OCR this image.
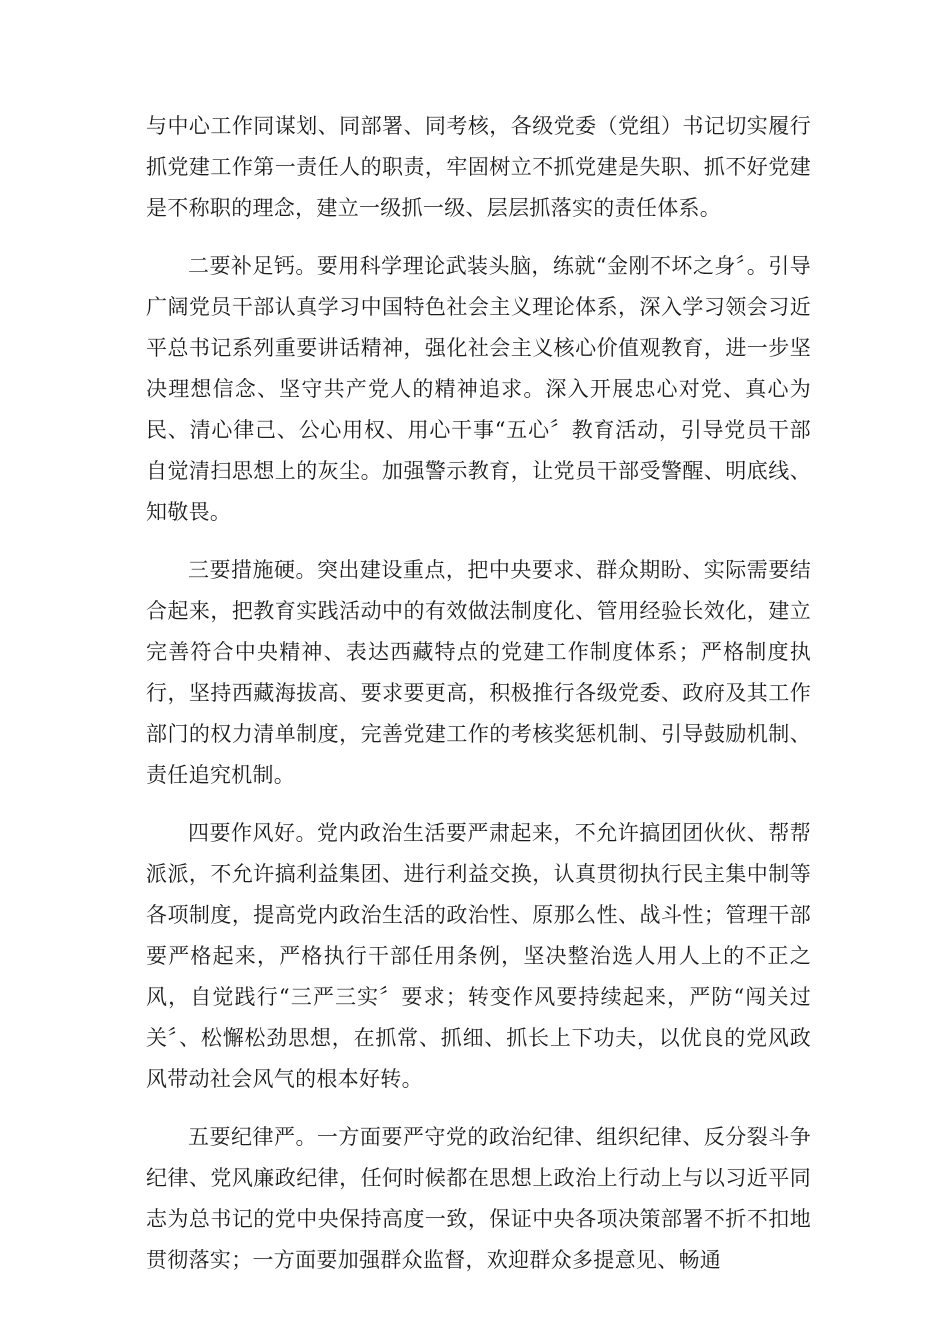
与中心工作同谋划、同部署、同考核，各级党委（党组）书记切实履行抓党建工作第一责任人的职责，牢固树立不抓党建是失职、抓不好党建是不称职的理念，建立一级抓一级、层层抓落实的责任体系。

二要补足钙。要用科学理论武装头脑，练就“金刚不坏之身〞。引导广阔党员干部认真学习中国特色社会主义理论体系，深入学习领会习近平总书记系列重要讲话精神，强化社会主义核心价值观教育，进一步坚决理想信念、坚守共产党人的精神追求。深入开展忠心对党、真心为民、清心律己、公心用权、用心干事“五心〞教育活动，引导党员干部自觉清扫思想上的灰尘。加强警示教育，让党员干部受警醒、明底线、知敬畏。

三要措施硬。突出建设重点，把中央要求、群众期盼、实际需要结合起来，把教育实践活动中的有效做法制度化、管用经验长效化，建立完善符合中央精神、表达西藏特点的党建工作制度体系；严格制度执行，坚持西藏海拔高、要求要更高，积极推行各级党委、政府及其工作部门的权力清单制度，完善党建工作的考核奖惩机制、引导鼓励机制、责任追究机制。

四要作风好。党内政治生活要严肃起来，不允许搞团团伙伙、帮帮派派，不允许搞利益集团、进行利益交换，认真贯彻执行民主集中制等各项制度，提高党内政治生活的政治性、原那么性、战斗性；管理干部要严格起来，严格执行干部任用条例，坚决整治选人用人上的不正之风，自觉践行“三严三实〞要求；转变作风要持续起来，严防“闯关过关〞、松懈松劲思想，在抓常、抓细、抓长上下功夫，以优良的党风政风带动社会风气的根本好转。

五要纪律严。一方面要严守党的政治纪律、组织纪律、反分裂斗争纪律、党风廉政纪律，任何时候都在思想上政治上行动上与以习近平同志为总书记的党中央保持高度一致，保证中央各项决策部署不折不扣地贯彻落实；一方面要加强群众监督，欢迎群众多提意见、畅通
